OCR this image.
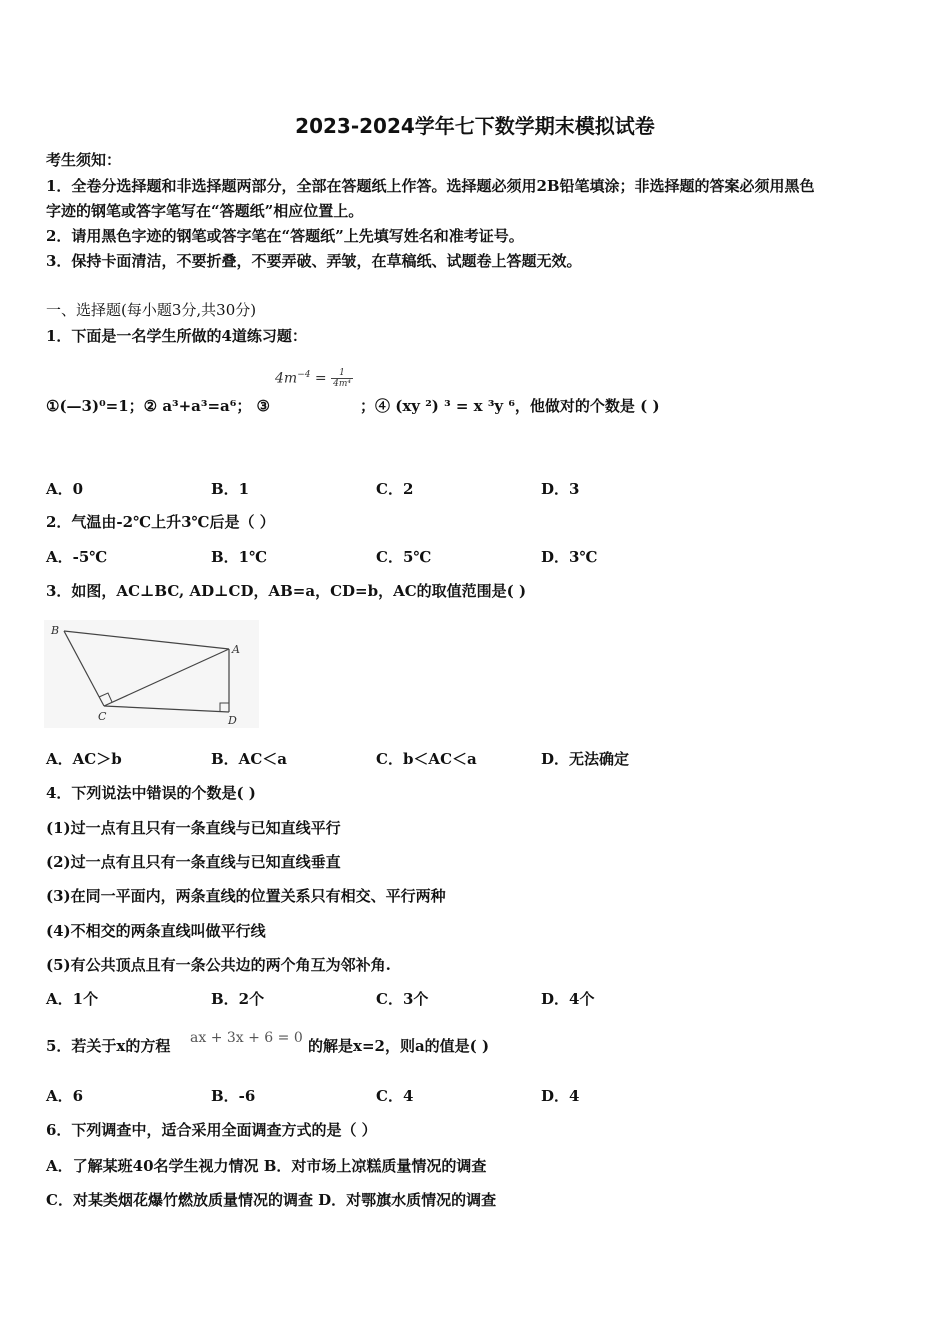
2023-2024学年七下数学期末模拟试卷
考生须知：
1．全卷分选择题和非选择题两部分，全部在答题纸上作答。选择题必须用2B铅笔填涂；非选择题的答案必须用黑色
字迹的钢笔或答字笔写在“答题纸”相应位置上。
2．请用黑色字迹的钢笔或答字笔在“答题纸”上先填写姓名和准考证号。
3．保持卡面清洁，不要折叠，不要弄破、弄皱，在草稿纸、试题卷上答题无效。
一、选择题(每小题3分,共30分)
1．下面是一名学生所做的4道练习题：
$4m^{-4} = \frac{1}{\text{4m⁴}}$
①(—3)⁰=1；② a³+a³=a⁶； ③	；④ (xy ²) ³ = x ³y ⁶，他做对的个数是 ( )
A．0	B．1	C．2	D．3
2．气温由-2℃上升3℃后是（ ）
A．-5℃	B．1℃	C．5℃	D．3℃
3．如图，AC⊥BC, AD⊥CD，AB=a，CD=b，AC的取值范围是( )
B
A
C	D
A．AC＞b	B．AC＜a	C．b＜AC＜a	D．无法确定
4．下列说法中错误的个数是( )
(1)过一点有且只有一条直线与已知直线平行
(2)过一点有且只有一条直线与已知直线垂直
(3)在同一平面内，两条直线的位置关系只有相交、平行两种
(4)不相交的两条直线叫做平行线
(5)有公共顶点且有一条公共边的两个角互为邻补角.
A．1个	B．2个	C．3个	D．4个
5．若关于x的方程 ax + 3x + 6 = 0 的解是x=2，则a的值是( )
A．6	B．-6	C．4	D．4
6．下列调查中，适合采用全面调查方式的是（ ）
A．了解某班40名学生视力情况 B．对市场上凉糕质量情况的调查
C．对某类烟花爆竹燃放质量情况的调查 D．对鄂旗水质情况的调查
